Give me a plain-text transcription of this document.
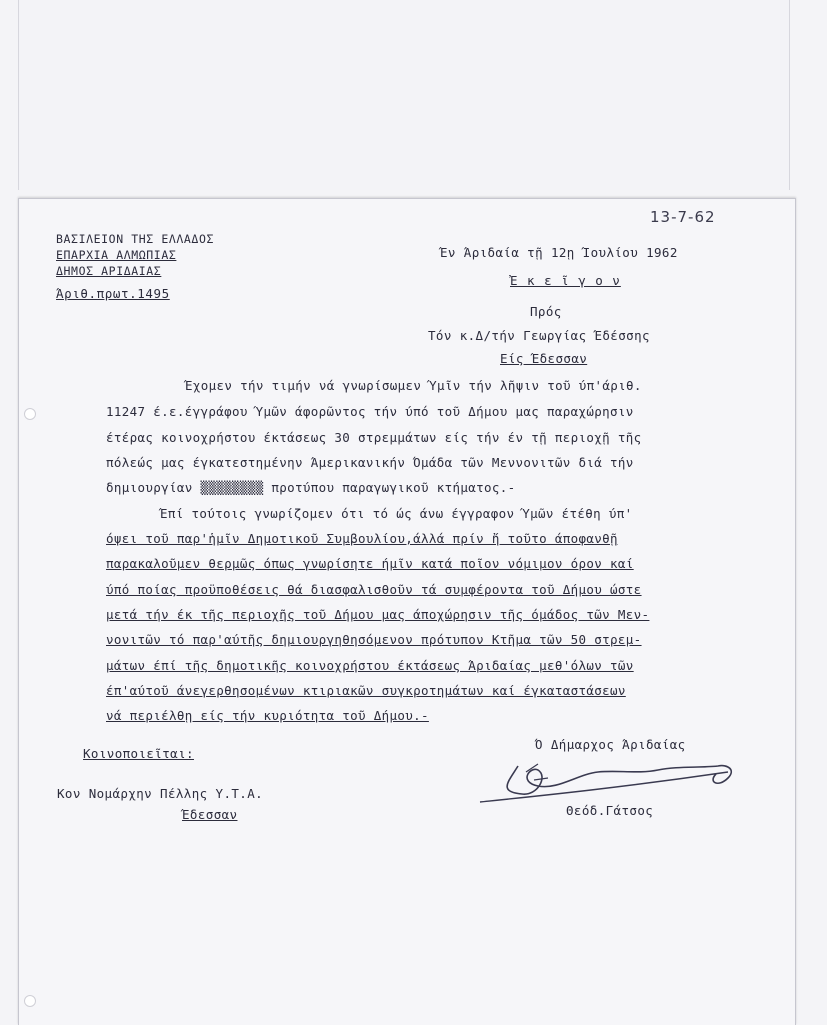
13-7-62
ΒΑΣΙΛΕΙΟΝ ΤΗΣ ΕΛΛΑΔΟΣ
ΕΠΑΡΧΙΑ ΑΛΜΩΠΙΑΣ
ΔΗΜΟΣ ΑΡΙΔΑΙΑΣ
Άριθ.πρωτ.1495
Έν Άριδαία τῇ 12ῃ Ίουλίου 1962
Ἐ κ ε ῖ γ ο ν
Πρός
Τόν κ.Δ/τήν Γεωργίας Έδέσσης
Είς Έδεσσαν
Έχομεν τήν τιμήν νά γνωρίσωμεν Ύμῖν τήν λῆψιν τοῦ ύπ'άριθ.
11247 έ.ε.έγγράφου Ύμῶν άφορῶντος τήν ύπό τοῦ Δήμου μας παραχώρησιν
έτέρας κοινοχρήστου έκτάσεως 30 στρεμμάτων είς τήν έν τῇ περιοχῇ τῆς
πόλεώς μας έγκατεστημένην Άμερικανικήν Όμάδα τῶν Μεννονιτῶν διά τήν
δημιουργίαν ▒▒▒▒▒▒▒▒ προτύπου παραγωγικοῦ κτήματος.-
Έπί τούτοις γνωρίζομεν ότι τό ώς άνω έγγραφον Ύμῶν έτέθη ύπ'
όψει τοῦ παρ'ἡμῖν Δημοτικοῦ Συμβουλίου,άλλά πρίν ἤ τοῦτο άποφανθῇ
παρακαλοῦμεν θερμῶς όπως γνωρίσητε ήμῖν κατά ποῖον νόμιμον όρον καί
ύπό ποίας προϋποθέσεις θά διασφαλισθοῦν τά συμφέροντα τοῦ Δήμου ώστε
μετά τήν έκ τῆς περιοχῆς τοῦ Δήμου μας άποχώρησιν τῆς όμάδος τῶν Μεν-
νονιτῶν τό παρ'αύτῆς δημιουργηθησόμενον πρότυπον Κτῆμα τῶν 50 στρεμ-
μάτων έπί τῆς δημοτικῆς κοινοχρήστου έκτάσεως Άριδαίας μεθ'όλων τῶν
έπ'αύτοῦ άνεγερθησομένων κτιριακῶν συγκροτημάτων καί έγκαταστάσεων
νά περιέλθῃ είς τήν κυριότητα τοῦ Δήμου.-
Ό Δήμαρχος Άριδαίας
Θεόδ.Γάτσος
Κοινοποιεῖται:
Κον Νομάρχην Πέλλης Υ.Τ.Α.
Έδεσσαν
